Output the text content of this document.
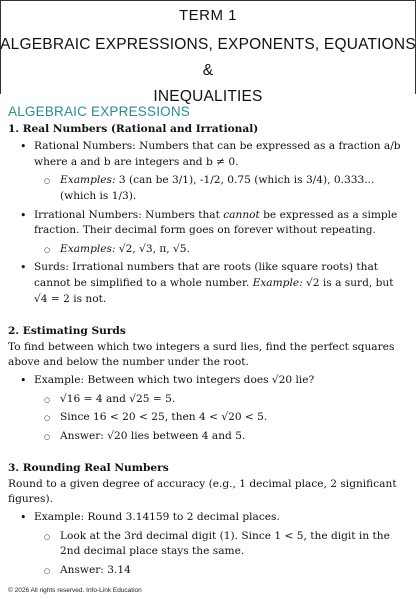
TERM 1
ALGEBRAIC EXPRESSIONS, EXPONENTS, EQUATIONS &
INEQUALITIES
ALGEBRAIC EXPRESSIONS

1. Real Numbers (Rational and Irrational)

• Rational Numbers: Numbers that can be expressed as a fraction a/b where a and b are integers and b ≠ 0.
○ Examples: 3 (can be 3/1), -1/2, 0.75 (which is 3/4), 0.333... (which is 1/3).
• Irrational Numbers: Numbers that cannot be expressed as a simple fraction. Their decimal form goes on forever without repeating.
○ Examples: √2, √3, π, √5.
• Surds: Irrational numbers that are roots (like square roots) that cannot be simplified to a whole number. Example: √2 is a surd, but √4 = 2 is not.

2. Estimating Surds

To find between which two integers a surd lies, find the perfect squares above and below the number under the root.

• Example: Between which two integers does √20 lie?
○ √16 = 4 and √25 = 5.
○ Since 16 < 20 < 25, then 4 < √20 < 5.
○ Answer: √20 lies between 4 and 5.

3. Rounding Real Numbers

Round to a given degree of accuracy (e.g., 1 decimal place, 2 significant figures).

• Example: Round 3.14159 to 2 decimal places.
○ Look at the 3rd decimal digit (1). Since 1 < 5, the digit in the 2nd decimal place stays the same.
○ Answer: 3.14
© 2026 All rights reserved. Info-Link Education
